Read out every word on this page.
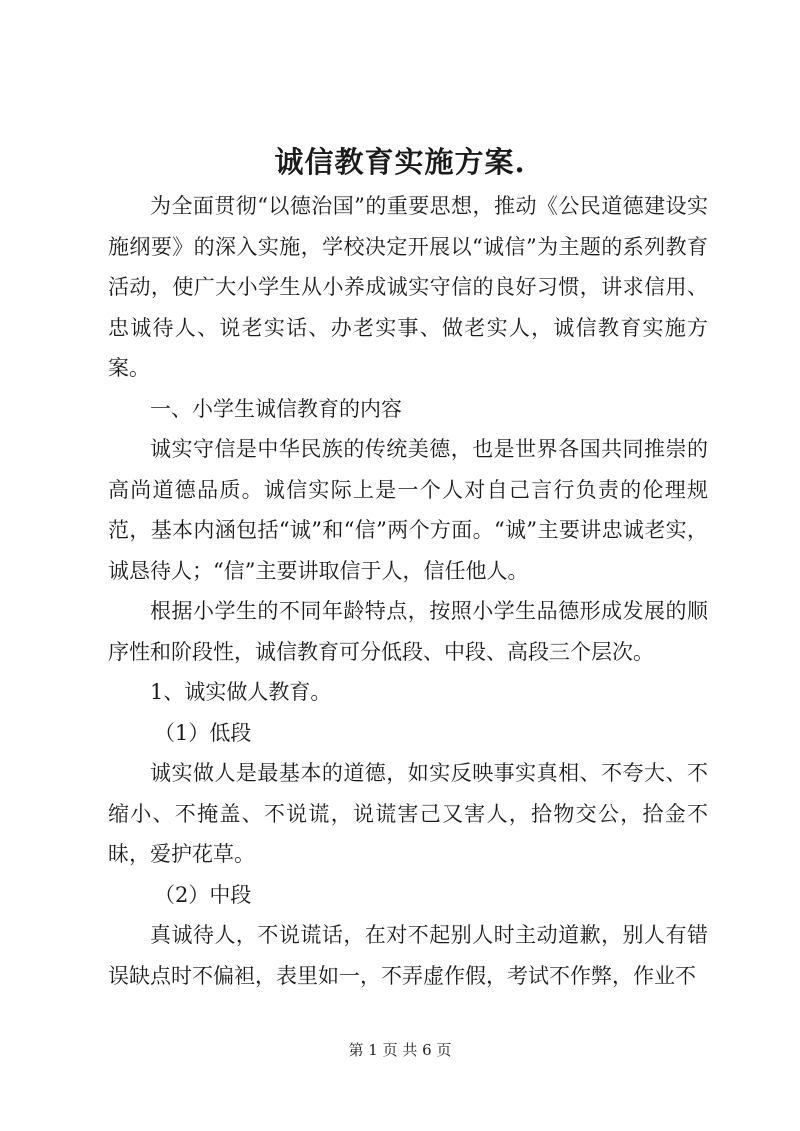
诚信教育实施方案.

为全面贯彻“以德治国”的重要思想，推动《公民道德建设实施纲要》的深入实施，学校决定开展以“诚信”为主题的系列教育活动，使广大小学生从小养成诚实守信的良好习惯，讲求信用、忠诚待人、说老实话、办老实事、做老实人，诚信教育实施方案。

一、小学生诚信教育的内容

诚实守信是中华民族的传统美德，也是世界各国共同推崇的高尚道德品质。诚信实际上是一个人对自己言行负责的伦理规范，基本内涵包括“诚”和“信”两个方面。“诚”主要讲忠诚老实，诚恳待人；“信”主要讲取信于人，信任他人。

根据小学生的不同年龄特点，按照小学生品德形成发展的顺序性和阶段性，诚信教育可分低段、中段、高段三个层次。

1、诚实做人教育。

（1）低段

诚实做人是最基本的道德，如实反映事实真相、不夸大、不缩小、不掩盖、不说谎，说谎害己又害人，拾物交公，拾金不昧，爱护花草。

（2）中段

真诚待人，不说谎话，在对不起别人时主动道歉，别人有错误缺点时不偏袒，表里如一，不弄虚作假，考试不作弊，作业不

第 1 页 共 6 页
